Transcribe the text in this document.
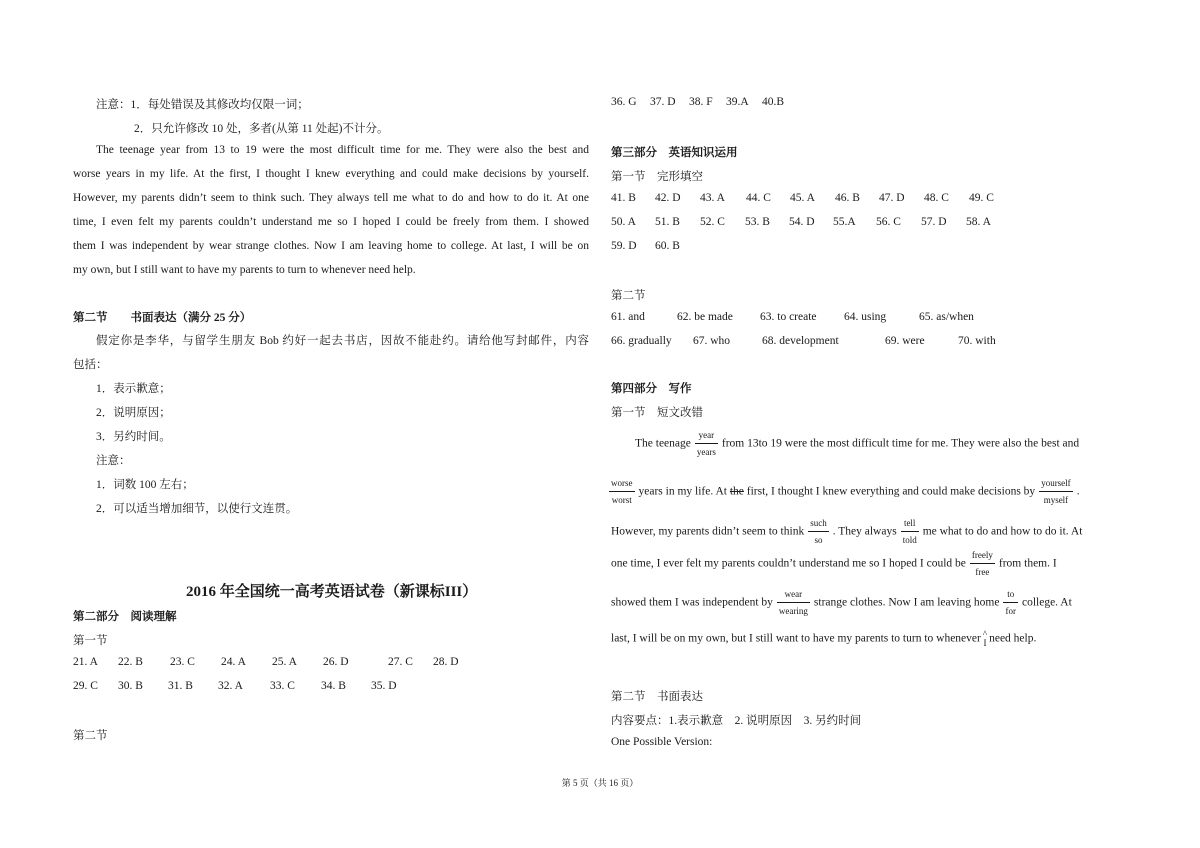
注意：1．每处错误及其修改均仅限一词；
2．只允许修改 10 处，多者(从第 11 处起)不计分。
The teenage year from 13 to 19 were the most difficult time for me. They were also the best and
worse years in my life. At the first, I thought I knew everything and could make decisions by yourself.
However, my parents didn’t seem to think such. They always tell me what to do and how to do it. At one
time, I even felt my parents couldn’t understand me so I hoped I could be freely from them. I showed
them I was independent by wear strange clothes. Now I am leaving home to college. At last, I will be on
my own, but I still want to have my parents to turn to whenever need help.
第二节　　书面表达（满分 25 分）
假定你是李华，与留学生朋友 Bob 约好一起去书店，因故不能赴约。请给他写封邮件，内容
包括：
1．表示歉意；
2．说明原因；
3．另约时间。
注意：
1．词数 100 左右；
2．可以适当增加细节，以使行文连贯。
2016 年全国统一高考英语试卷（新课标III）
第二部分　阅读理解
第一节
21. A 22. B 23. C 24. A 25. A 26. D	27. C 28. D
29. C 30. B 31. B 32. A 33. C 34. B 35. D
第二节
36. G 37. D 38. F 39.A 40.B
第三部分　英语知识运用
第一节　完形填空
41. B 42. D 43. A 44. C 45. A 46. B 47. D 48. C 49. C
50. A 51. B 52. C 53. B 54. D 55.A 56. C 57. D 58. A
59. D 60. B
第二节
61. and	62. be made 63. to create 64. using	65. as/when
66. gradually 67. who	68. development	69. were	70. with
第四部分　写作
第一节　短文改错
The teenage $\frac{\text{year}}{\text{years}}$ from 13to 19 were the most difficult time for me. They were also the best and
$\frac{\text{worse}}{\text{worst}}$ years in my life. At the first, I thought I knew everything and could make decisions by $\frac{\text{yourself}}{\text{myself}}$ .
However, my parents didn’t seem to think $\frac{\text{such}}{so}$ . They always $\frac{\text{tell}}{\text{told}}$ me what to do and how to do it. At
one time, I ever felt my parents couldn’t understand me so I hoped I could be $\frac{\text{freely}}{\text{free}}$ from them. I
showed them I was independent by $\frac{\text{wear}}{\text{wearing}}$ strange clothes. Now I am leaving home $\frac{to}{\text{for}}$ college. At
last, I will be on my own, but I still want to have my parents to turn to whenever ^
I need help.
第二节　书面表达
内容要点：1.表示歉意　2. 说明原因　3. 另约时间
One Possible Version:
第 5 页（共 16 页）
